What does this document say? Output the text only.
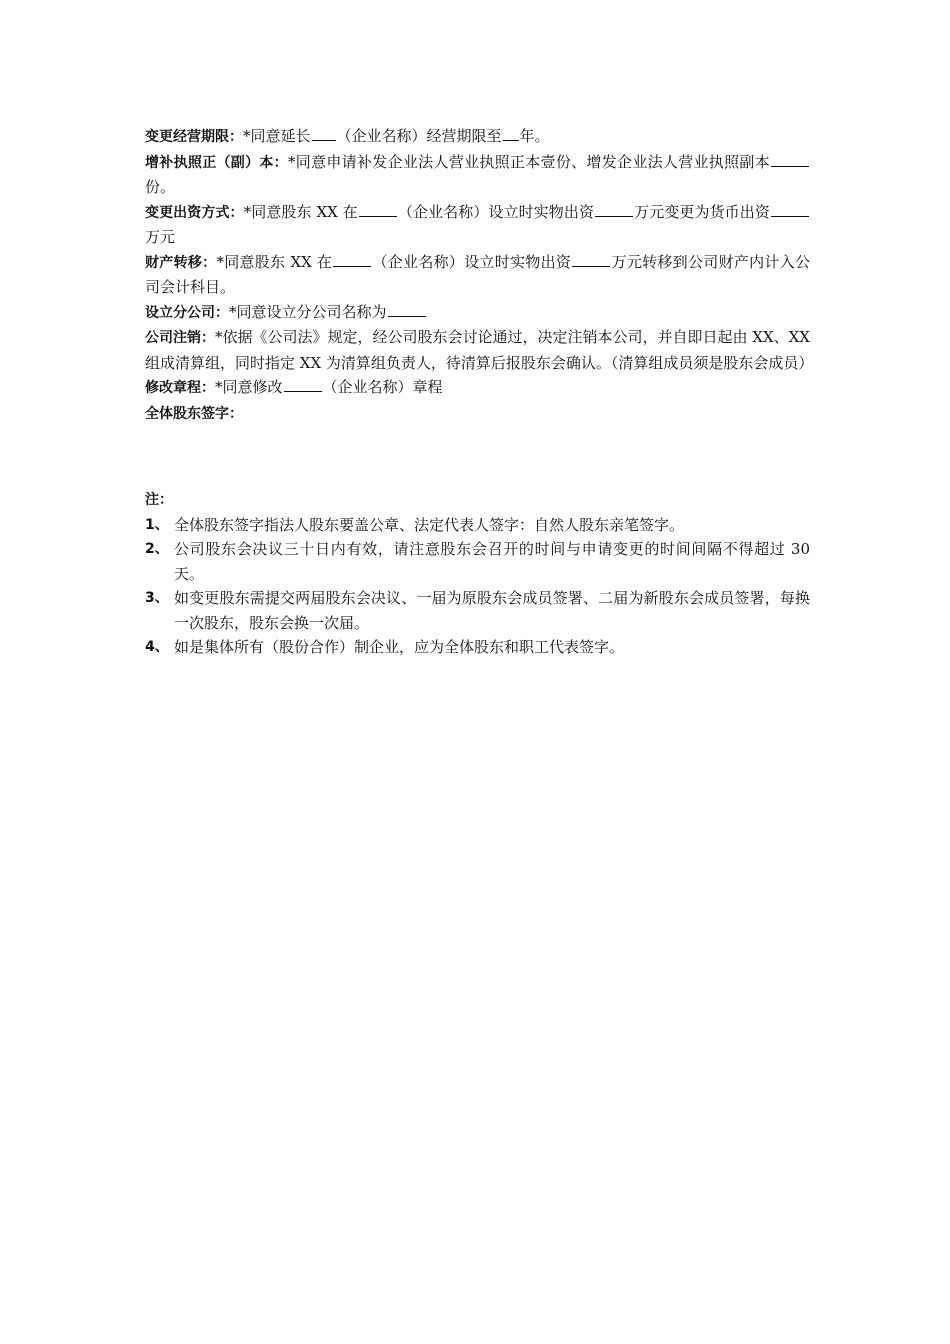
变更经营期限：*同意延长 （企业名称）经营期限至 年。

增补执照正（副）本：*同意申请补发企业法人营业执照正本壹份、增发企业法人营业执照副本份。

变更出资方式：*同意股东 XX 在	（企业名称）设立时实物出资	万元变更为货币出资万元

财产转移：*同意股东 XX 在	（企业名称）设立时实物出资	万元转移到公司财产内计入公司会计科目。

设立分公司：*同意设立分公司名称为

公司注销：*依据《公司法》规定，经公司股东会讨论通过，决定注销本公司，并自即日起由 XX、XX 组成清算组，同时指定 XX 为清算组负责人，待清算后报股东会确认。（清算组成员须是股东会成员）

修改章程：*同意修改	（企业名称）章程

全体股东签字：

注：

1、 全体股东签字指法人股东要盖公章、法定代表人签字：自然人股东亲笔签字。
2、 公司股东会决议三十日内有效，请注意股东会召开的时间与申请变更的时间间隔不得超过 30 天。
3、 如变更股东需提交两届股东会决议、一届为原股东会成员签署、二届为新股东会成员签署，每换一次股东，股东会换一次届。
4、 如是集体所有（股份合作）制企业，应为全体股东和职工代表签字。
